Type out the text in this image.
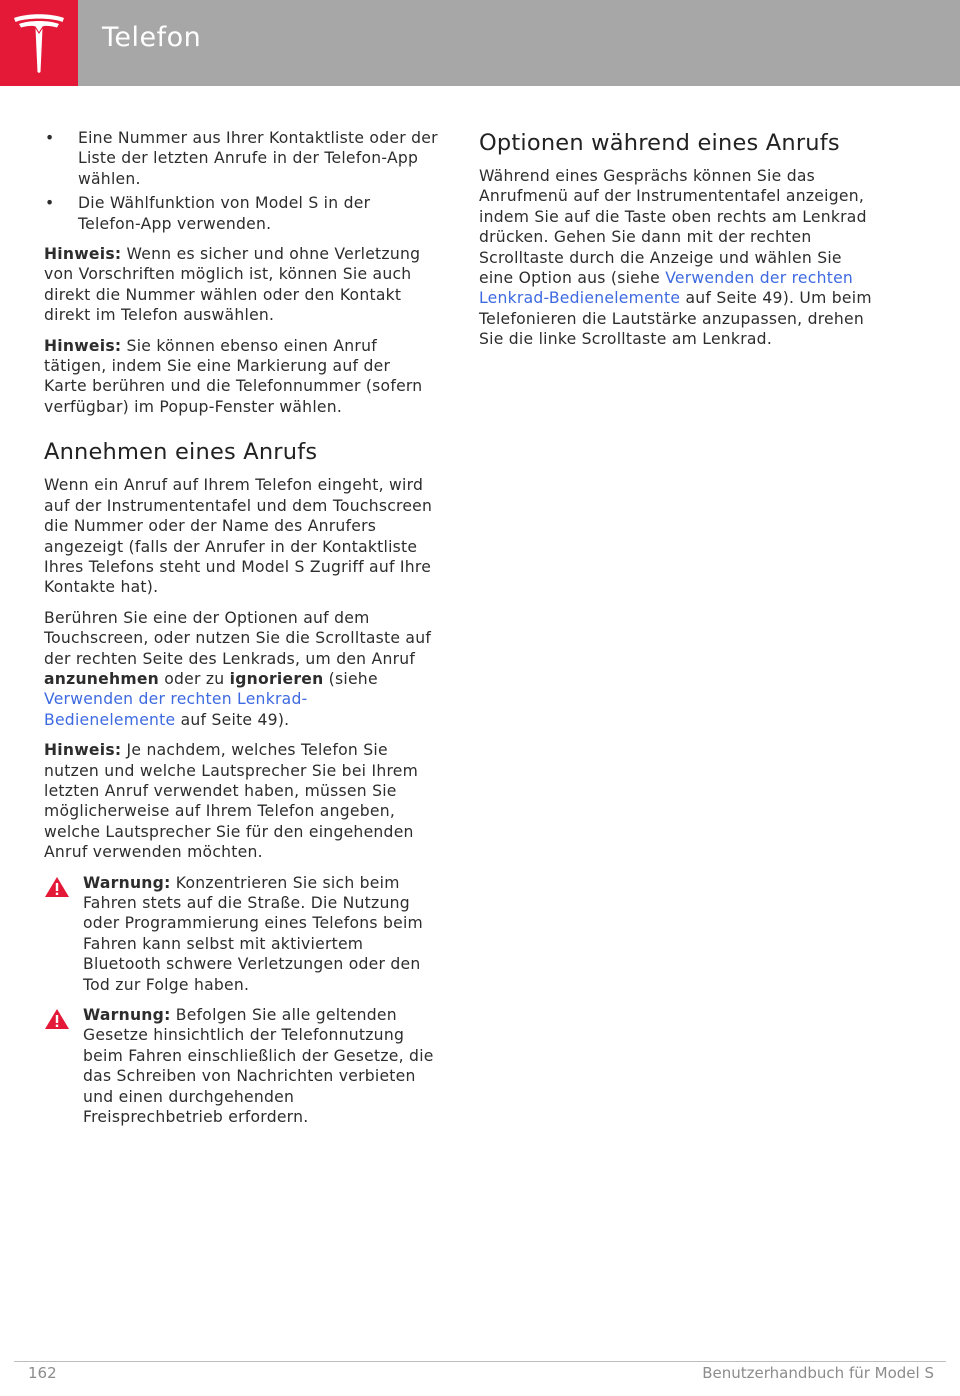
Telefon
• Eine Nummer aus Ihrer Kontaktliste oder der Liste der letzten Anrufe in der Telefon-App wählen.
• Die Wählfunktion von Model S in der Telefon-App verwenden.

Hinweis: Wenn es sicher und ohne Verletzung von Vorschriften möglich ist, können Sie auch direkt die Nummer wählen oder den Kontakt direkt im Telefon auswählen.

Hinweis: Sie können ebenso einen Anruf tätigen, indem Sie eine Markierung auf der Karte berühren und die Telefonnummer (sofern verfügbar) im Popup-Fenster wählen.

Annehmen eines Anrufs

Wenn ein Anruf auf Ihrem Telefon eingeht, wird auf der Instrumententafel und dem Touchscreen die Nummer oder der Name des Anrufers angezeigt (falls der Anrufer in der Kontaktliste Ihres Telefons steht und Model S Zugriff auf Ihre Kontakte hat).

Berühren Sie eine der Optionen auf dem Touchscreen, oder nutzen Sie die Scrolltaste auf der rechten Seite des Lenkrads, um den Anruf anzunehmen oder zu ignorieren (siehe Verwenden der rechten Lenkrad-Bedienelemente auf Seite 49).

Hinweis: Je nachdem, welches Telefon Sie nutzen und welche Lautsprecher Sie bei Ihrem letzten Anruf verwendet haben, müssen Sie möglicherweise auf Ihrem Telefon angeben, welche Lautsprecher Sie für den eingehenden Anruf verwenden möchten.

Warnung: Konzentrieren Sie sich beim Fahren stets auf die Straße. Die Nutzung oder Programmierung eines Telefons beim Fahren kann selbst mit aktiviertem Bluetooth schwere Verletzungen oder den Tod zur Folge haben.
Warnung: Befolgen Sie alle geltenden Gesetze hinsichtlich der Telefonnutzung beim Fahren einschließlich der Gesetze, die das Schreiben von Nachrichten verbieten und einen durchgehenden Freisprechbetrieb erfordern.
Optionen während eines Anrufs

Während eines Gesprächs können Sie das Anrufmenü auf der Instrumententafel anzeigen, indem Sie auf die Taste oben rechts am Lenkrad drücken. Gehen Sie dann mit der rechten Scrolltaste durch die Anzeige und wählen Sie eine Option aus (siehe Verwenden der rechten Lenkrad-Bedienelemente auf Seite 49). Um beim Telefonieren die Lautstärke anzupassen, drehen Sie die linke Scrolltaste am Lenkrad.

162	Benutzerhandbuch für Model S
